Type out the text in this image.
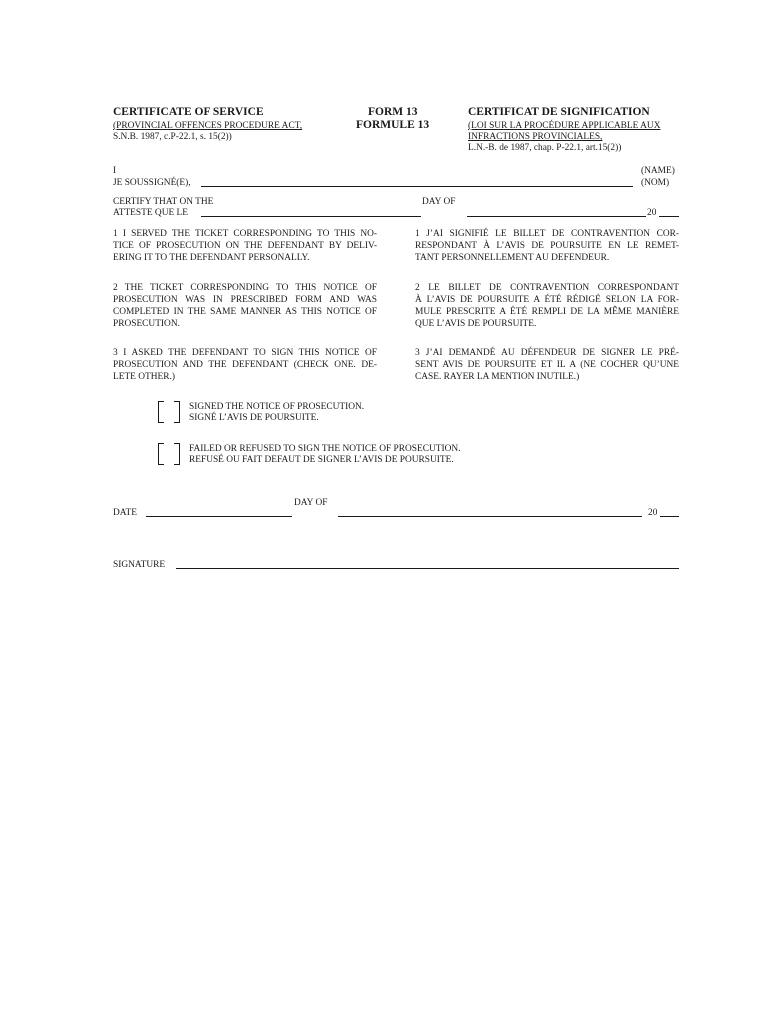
CERTIFICATE OF SERVICE
(PROVINCIAL OFFENCES PROCEDURE ACT,
S.N.B. 1987, c.P-22.1, s. 15(2))
FORM 13
FORMULE 13
CERTIFICAT DE SIGNIFICATION
(LOI SUR LA PROCÉDURE APPLICABLE AUX
INFRACTIONS PROVINCIALES,
L.N.-B. de 1987, chap. P-22.1, art.15(2))
I
JE SOUSSIGNÉ(E),
(NAME)
(NOM)
CERTIFY THAT ON THE
ATTESTE QUE LE
DAY OF
20
1 I SERVED THE TICKET CORRESPONDING TO THIS NO-
TICE OF PROSECUTION ON THE DEFENDANT BY DELIV-
ERING IT TO THE DEFENDANT PERSONALLY.
1 J’AI SIGNIFIÉ LE BILLET DE CONTRAVENTION COR-
RESPONDANT À L’AVIS DE POURSUITE EN LE REMET-
TANT PERSONNELLEMENT AU DEFENDEUR.
2 THE TICKET CORRESPONDING TO THIS NOTICE OF
PROSECUTION WAS IN PRESCRIBED FORM AND WAS
COMPLETED IN THE SAME MANNER AS THIS NOTICE OF
PROSECUTION.
2 LE BILLET DE CONTRAVENTION CORRESPONDANT
À L’AVIS DE POURSUITE A ÉTÉ RÉDIGÉ SELON LA FOR-
MULE PRESCRITE A ÉTÉ REMPLI DE LA MÊME MANIÈRE
QUE L’AVIS DE POURSUITE.
3 I ASKED THE DEFENDANT TO SIGN THIS NOTICE OF
PROSECUTION AND THE DEFENDANT (CHECK ONE. DE-
LETE OTHER.)
3 J’AI DEMANDÉ AU DÉFENDEUR DE SIGNER LE PRÉ-
SENT AVIS DE POURSUITE ET IL A (NE COCHER QU’UNE
CASE. RAYER LA MENTION INUTILE.)
SIGNED THE NOTICE OF PROSECUTION.
SIGNÉ L’AVIS DE POURSUITE.
FAILED OR REFUSED TO SIGN THE NOTICE OF PROSECUTION.
REFUSÉ OU FAIT DEFAUT DE SIGNER L’AVIS DE POURSUITE.
DATE
DAY OF
20
SIGNATURE
